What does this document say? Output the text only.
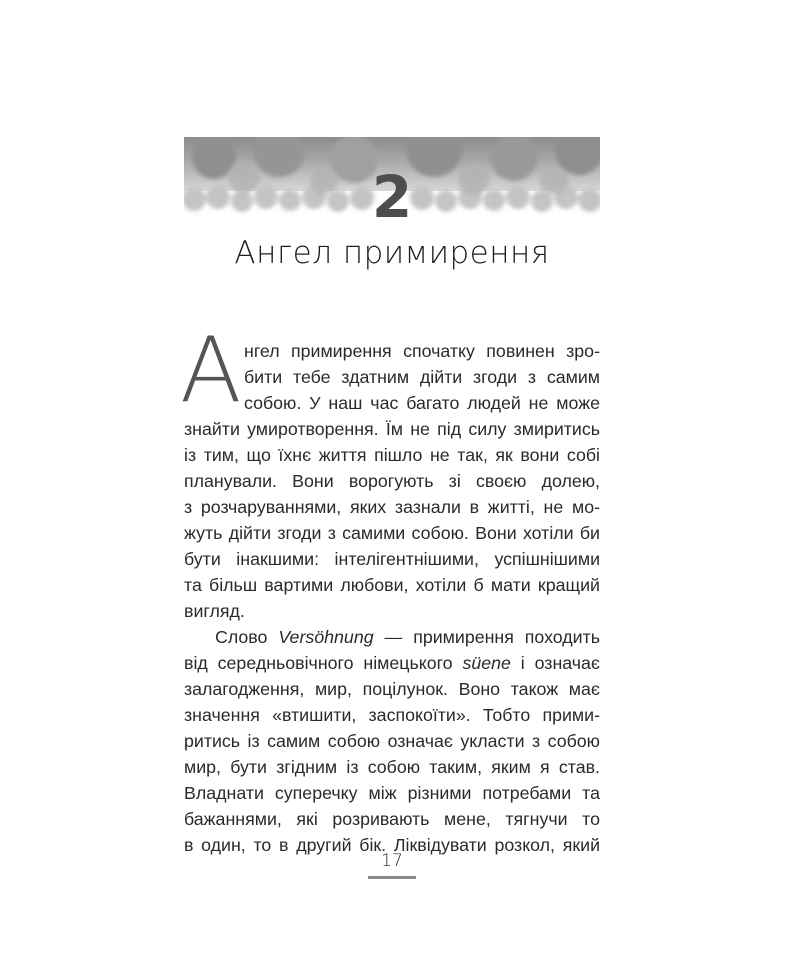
2
Ангел примирення
А нгел примирення спочатку повинен зро-
бити тебе здатним дійти згоди з самим
собою. У наш час багато людей не може
знайти умиротворення. Їм не під силу змиритись
із тим, що їхнє життя пішло не так, як вони собі
планували. Вони ворогують зі своєю долею,
з розчаруваннями, яких зазнали в житті, не мо-
жуть дійти згоди з самими собою. Вони хотіли би
бути інакшими: інтелігентнішими, успішнішими
та більш вартими любови, хотіли б мати кращий
вигляд.
Слово Versöhnung — примирення походить
від середньовічного німецького süene і означає
залагодження, мир, поцілунок. Воно також має
значення «втишити, заспокоїти». Тобто прими-
ритись із самим собою означає укласти з собою
мир, бути згідним із собою таким, яким я став.
Владнати суперечку між різними потребами та
бажаннями, які розривають мене, тягнучи то
в один, то в другий бік. Ліквідувати розкол, який
17
